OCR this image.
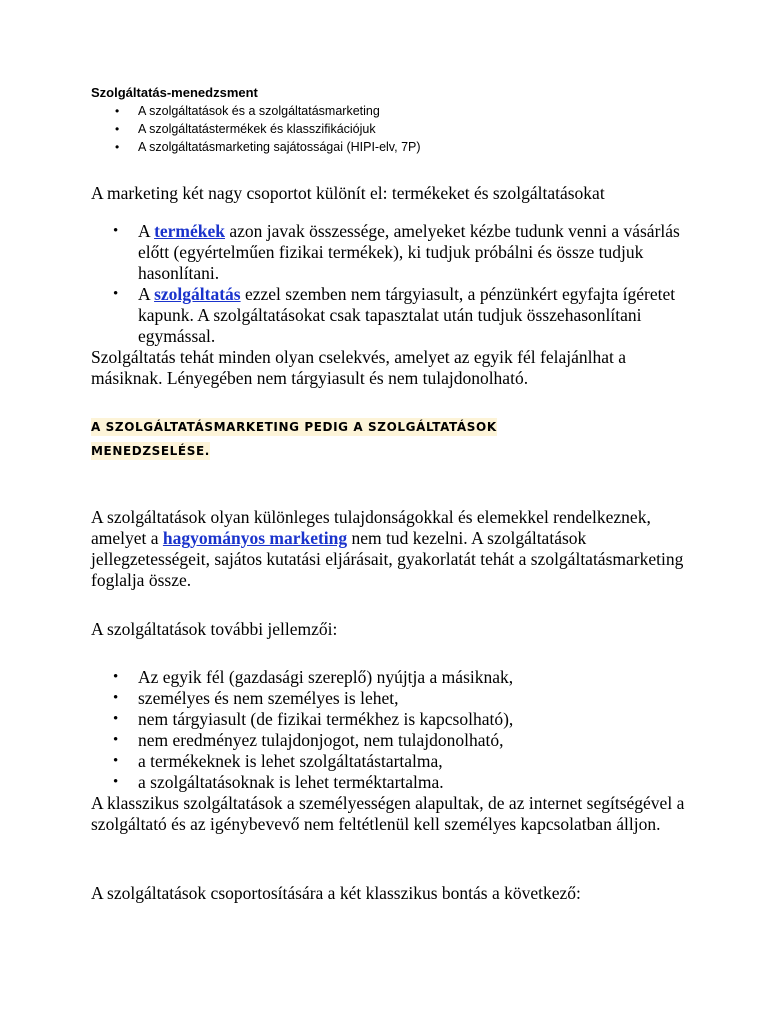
Szolgáltatás-menedzsment

•	A szolgáltatások és a szolgáltatásmarketing
•	A szolgáltatástermékek és klasszifikációjuk
•	A szolgáltatásmarketing sajátosságai (HIPI-elv, 7P)

A marketing két nagy csoportot különít el: termékeket és szolgáltatásokat

•	A termékek azon javak összessége, amelyeket kézbe tudunk venni a vásárlás előtt (egyértelműen fizikai termékek), ki tudjuk próbálni és össze tudjuk hasonlítani.
•	A szolgáltatás ezzel szemben nem tárgyiasult, a pénzünkért egyfajta ígéretet kapunk. A szolgáltatásokat csak tapasztalat után tudjuk összehasonlítani egymással.

Szolgáltatás tehát minden olyan cselekvés, amelyet az egyik fél felajánlhat a másiknak. Lényegében nem tárgyiasult és nem tulajdonolható.

A SZOLGÁLTATÁSMARKETING PEDIG A SZOLGÁLTATÁSOK
MENEDZSELÉSE.

A szolgáltatások olyan különleges tulajdonságokkal és elemekkel rendelkeznek, amelyet a hagyományos marketing nem tud kezelni. A szolgáltatások jellegzetességeit, sajátos kutatási eljárásait, gyakorlatát tehát a szolgáltatásmarketing foglalja össze.

A szolgáltatások további jellemzői:

•	Az egyik fél (gazdasági szereplő) nyújtja a másiknak,
•	személyes és nem személyes is lehet,
•	nem tárgyiasult (de fizikai termékhez is kapcsolható),
•	nem eredményez tulajdonjogot, nem tulajdonolható,
•	a termékeknek is lehet szolgáltatástartalma,
•	a szolgáltatásoknak is lehet terméktartalma.

A klasszikus szolgáltatások a személyességen alapultak, de az internet segítségével a szolgáltató és az igénybevevő nem feltétlenül kell személyes kapcsolatban álljon.

A szolgáltatások csoportosítására a két klasszikus bontás a következő:
